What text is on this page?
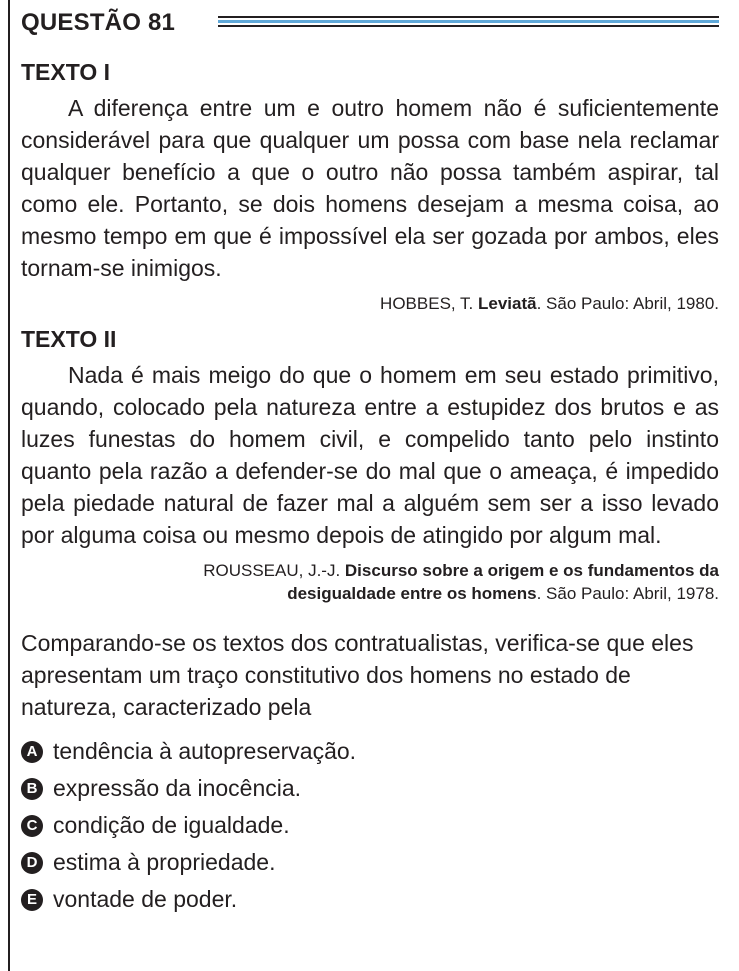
QUESTÃO 81
TEXTO I

A diferença entre um e outro homem não é suficientemente considerável para que qualquer um possa com base nela reclamar qualquer benefício a que o outro não possa também aspirar, tal como ele. Portanto, se dois homens desejam a mesma coisa, ao mesmo tempo em que é impossível ela ser gozada por ambos, eles tornam-se inimigos.

HOBBES, T. Leviatã. São Paulo: Abril, 1980.
TEXTO II

Nada é mais meigo do que o homem em seu estado primitivo, quando, colocado pela natureza entre a estupidez dos brutos e as luzes funestas do homem civil, e compelido tanto pelo instinto quanto pela razão a defender-se do mal que o ameaça, é impedido pela piedade natural de fazer mal a alguém sem ser a isso levado por alguma coisa ou mesmo depois de atingido por algum mal.

ROUSSEAU, J.-J. Discurso sobre a origem e os fundamentos da desigualdade entre os homens. São Paulo: Abril, 1978.

Comparando-se os textos dos contratualistas, verifica-se que eles apresentam um traço constitutivo dos homens no estado de natureza, caracterizado pela

A tendência à autopreservação.
B expressão da inocência.
C condição de igualdade.
D estima à propriedade.
E vontade de poder.
